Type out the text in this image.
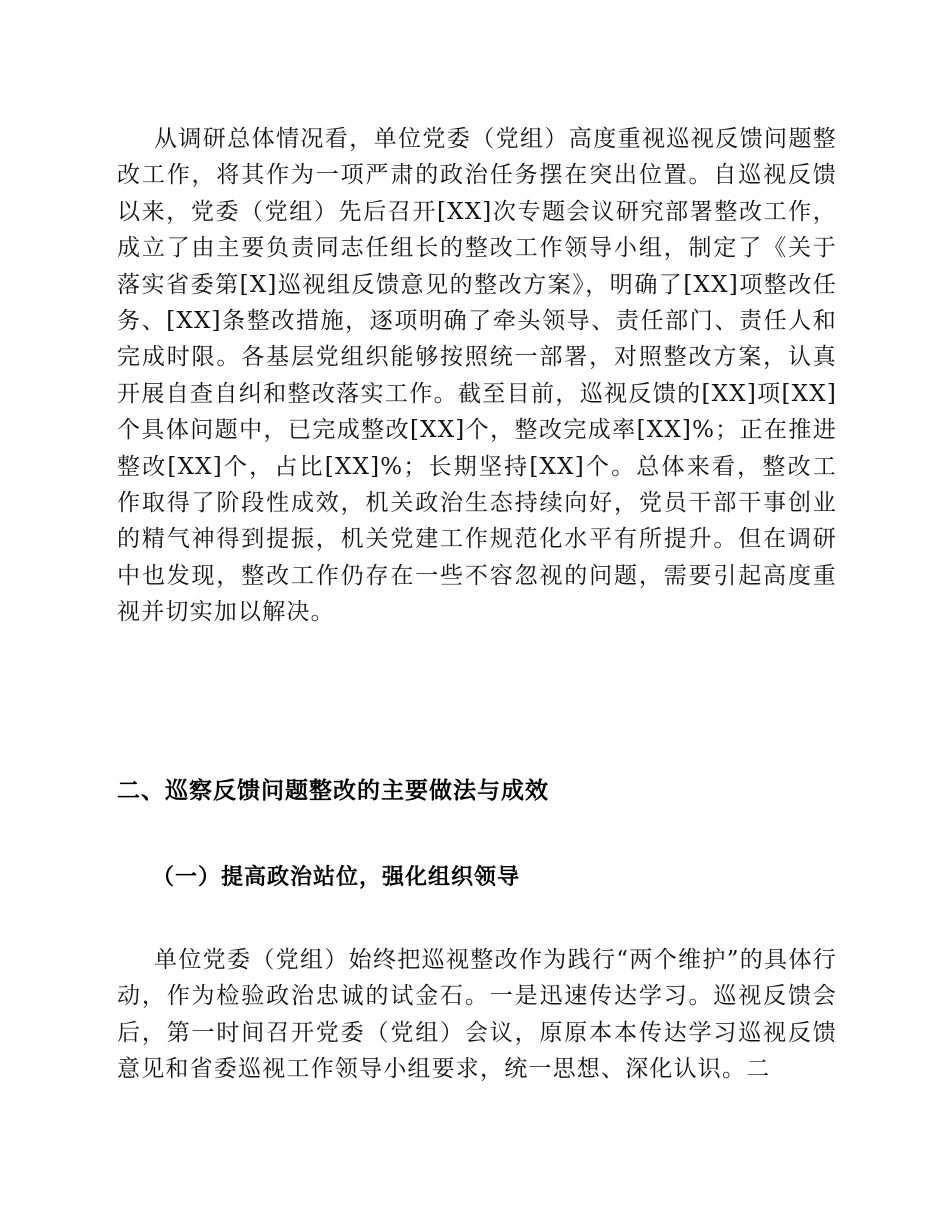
从调研总体情况看，单位党委（党组）高度重视巡视反馈问题整改工作，将其作为一项严肃的政治任务摆在突出位置。自巡视反馈以来，党委（党组）先后召开[XX]次专题会议研究部署整改工作，成立了由主要负责同志任组长的整改工作领导小组，制定了《关于落实省委第[X]巡视组反馈意见的整改方案》，明确了[XX]项整改任务、[XX]条整改措施，逐项明确了牵头领导、责任部门、责任人和完成时限。各基层党组织能够按照统一部署，对照整改方案，认真开展自查自纠和整改落实工作。截至目前，巡视反馈的[XX]项[XX]个具体问题中，已完成整改[XX]个，整改完成率[XX]%；正在推进整改[XX]个，占比[XX]%；长期坚持[XX]个。总体来看，整改工作取得了阶段性成效，机关政治生态持续向好，党员干部干事创业的精气神得到提振，机关党建工作规范化水平有所提升。但在调研中也发现，整改工作仍存在一些不容忽视的问题，需要引起高度重视并切实加以解决。

二、巡察反馈问题整改的主要做法与成效
（一）提高政治站位，强化组织领导

单位党委（党组）始终把巡视整改作为践行“两个维护”的具体行动，作为检验政治忠诚的试金石。一是迅速传达学习。巡视反馈会后，第一时间召开党委（党组）会议，原原本本传达学习巡视反馈意见和省委巡视工作领导小组要求，统一思想、深化认识。二
